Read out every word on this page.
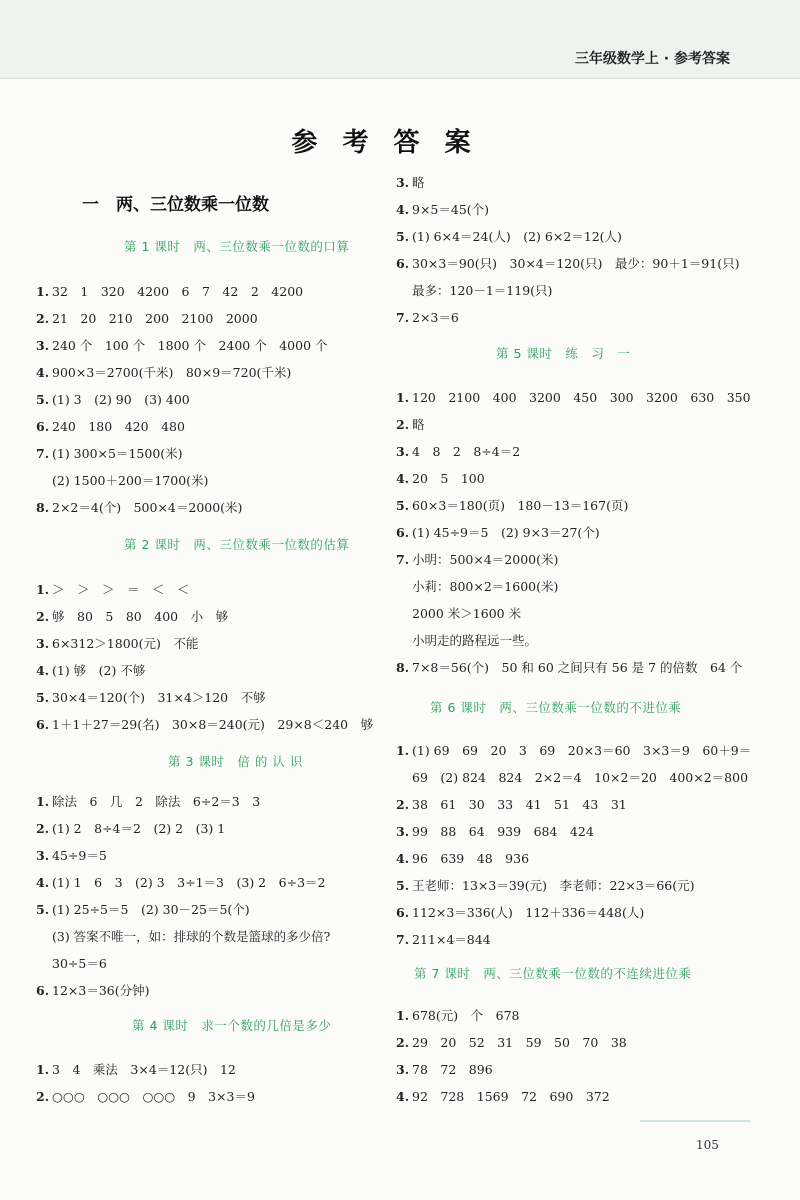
三年级数学上 · 参考答案
参 考 答 案
一　两、三位数乘一位数
第 1 课时　两、三位数乘一位数的口算
1. 32　1　320　4200　6　7　42　2　4200
2. 21　20　210　200　2100　2000
3. 240 个　100 个　1800 个　2400 个　4000 个
4. 900×3＝2700(千米)　80×9＝720(千米)
5. (1) 3　(2) 90　(3) 400
6. 240　180　420　480
7. (1) 300×5＝1500(米)
(2) 1500＋200＝1700(米)
8. 2×2＝4(个)　500×4＝2000(米)
第 2 课时　两、三位数乘一位数的估算
1. ＞　＞　＞　＝　＜　＜
2. 够　80　5　80　400　小　够
3. 6×312＞1800(元)　不能
4. (1) 够　(2) 不够
5. 30×4＝120(个)　31×4＞120　不够
6. 1＋1＋27＝29(名)　30×8＝240(元)　29×8＜240　够
第 3 课时　倍 的 认 识
1. 除法　6　几　2　除法　6÷2＝3　3
2. (1) 2　8÷4＝2　(2) 2　(3) 1
3. 45÷9＝5
4. (1) 1　6　3　(2) 3　3÷1＝3　(3) 2　6÷3＝2
5. (1) 25÷5＝5　(2) 30－25＝5(个)
(3) 答案不唯一，如：排球的个数是篮球的多少倍?
30÷5＝6
6. 12×3＝36(分钟)
第 4 课时　求一个数的几倍是多少
1. 3　4　乘法　3×4＝12(只)　12
2. ○○○　○○○　○○○　9　3×3＝9
3. 略
4. 9×5＝45(个)
5. (1) 6×4＝24(人)　(2) 6×2＝12(人)
6. 30×3＝90(只)　30×4＝120(只)　最少：90＋1＝91(只)
最多：120－1＝119(只)
7. 2×3＝6
第 5 课时　练　习　一
1. 120　2100　400　3200　450　300　3200　630　350
2. 略
3. 4　8　2　8÷4＝2
4. 20　5　100
5. 60×3＝180(页)　180－13＝167(页)
6. (1) 45÷9＝5　(2) 9×3＝27(个)
7. 小明：500×4＝2000(米)
小莉：800×2＝1600(米)
2000 米＞1600 米
小明走的路程远一些。
8. 7×8＝56(个)　50 和 60 之间只有 56 是 7 的倍数　64 个
第 6 课时　两、三位数乘一位数的不进位乘
1. (1) 69　69　20　3　69　20×3＝60　3×3＝9　60＋9＝
69　(2) 824　824　2×2＝4　10×2＝20　400×2＝800
2. 38　61　30　33　41　51　43　31
3. 99　88　64　939　684　424
4. 96　639　48　936
5. 王老师：13×3＝39(元)　李老师：22×3＝66(元)
6. 112×3＝336(人)　112＋336＝448(人)
7. 211×4＝844
第 7 课时　两、三位数乘一位数的不连续进位乘
1. 678(元)　个　678
2. 29　20　52　31　59　50　70　38
3. 78　72　896
4. 92　728　1569　72　690　372
105
